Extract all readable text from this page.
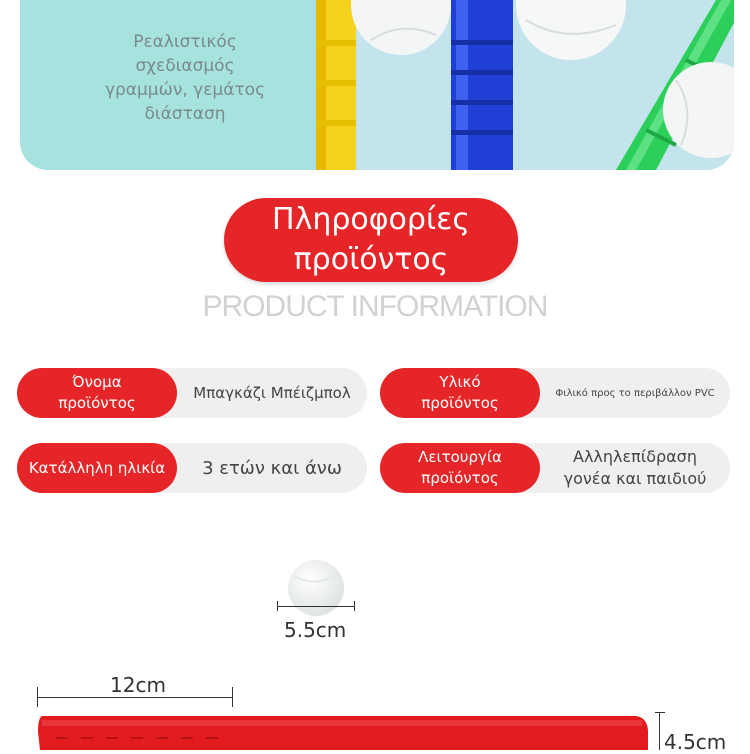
Ρεαλιστικός
σχεδιασμός
γραμμών, γεμάτος
διάσταση
Πληροφορίες
προϊόντος
PRODUCT INFORMATION
Όνομα
προϊόντος
Μπαγκάζι Μπέιζμπολ
Υλικό
προϊόντος
Φιλικό προς το περιβάλλον PVC
Κατάλληλη ηλικία	3 ετών και άνω
Λειτουργία
προϊόντος
Αλληλεπίδραση
γονέα και παιδιού
5.5cm
12cm
4.5cm
